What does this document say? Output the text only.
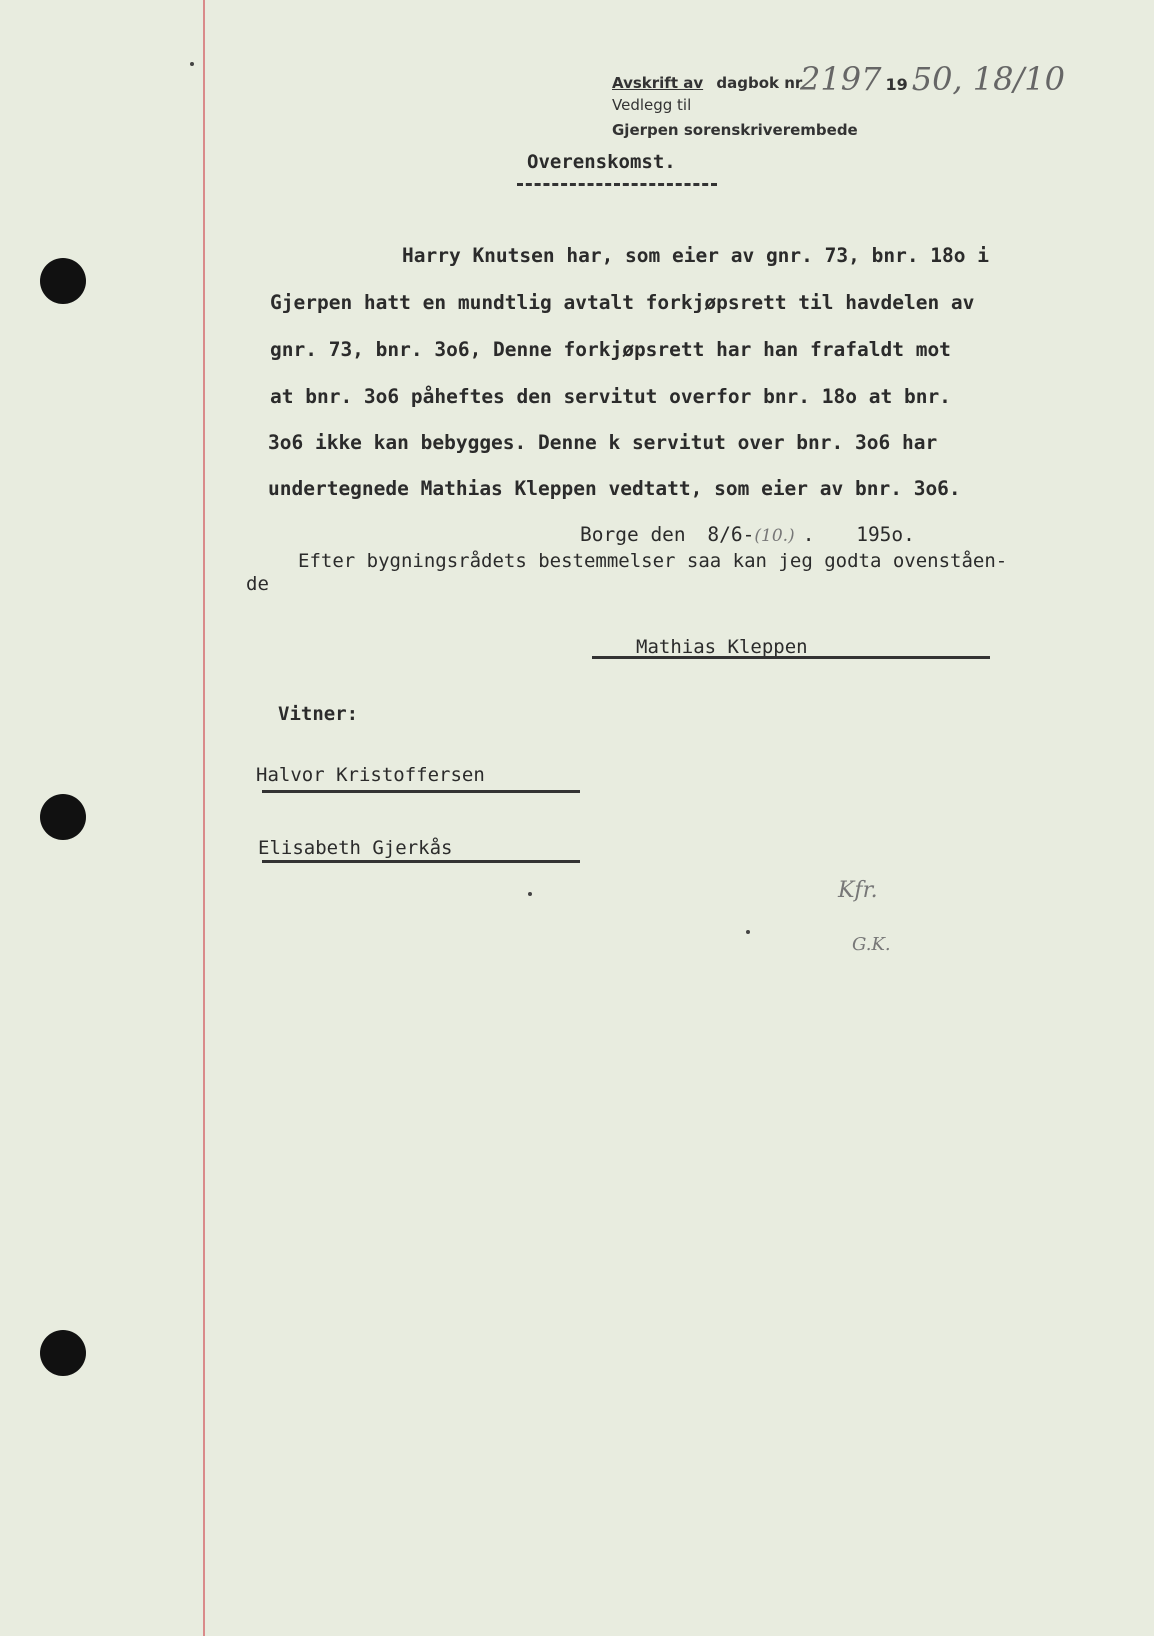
Avskrift av dagbok nr
2197 19 50, 18/10
Vedlegg til
Gjerpen sorenskriverembede
Overenskomst.
Harry Knutsen har, som eier av gnr. 73, bnr. 18o i
Gjerpen hatt en mundtlig avtalt forkjøpsrett til havdelen av
gnr. 73, bnr. 3o6, Denne forkjøpsrett har han frafaldt mot
at bnr. 3o6 påheftes den servitut overfor bnr. 18o at bnr.
3o6 ikke kan bebygges. Denne k servitut over bnr. 3o6 har
undertegnede Mathias Kleppen vedtatt, som eier av bnr. 3o6.
Borge den 8/6-(10.) . 195o.
Efter bygningsrådets bestemmelser saa kan jeg godta ovenståen-
de
Mathias Kleppen
Vitner:
Halvor Kristoffersen
Elisabeth Gjerkås
Kfr.
G.K.
